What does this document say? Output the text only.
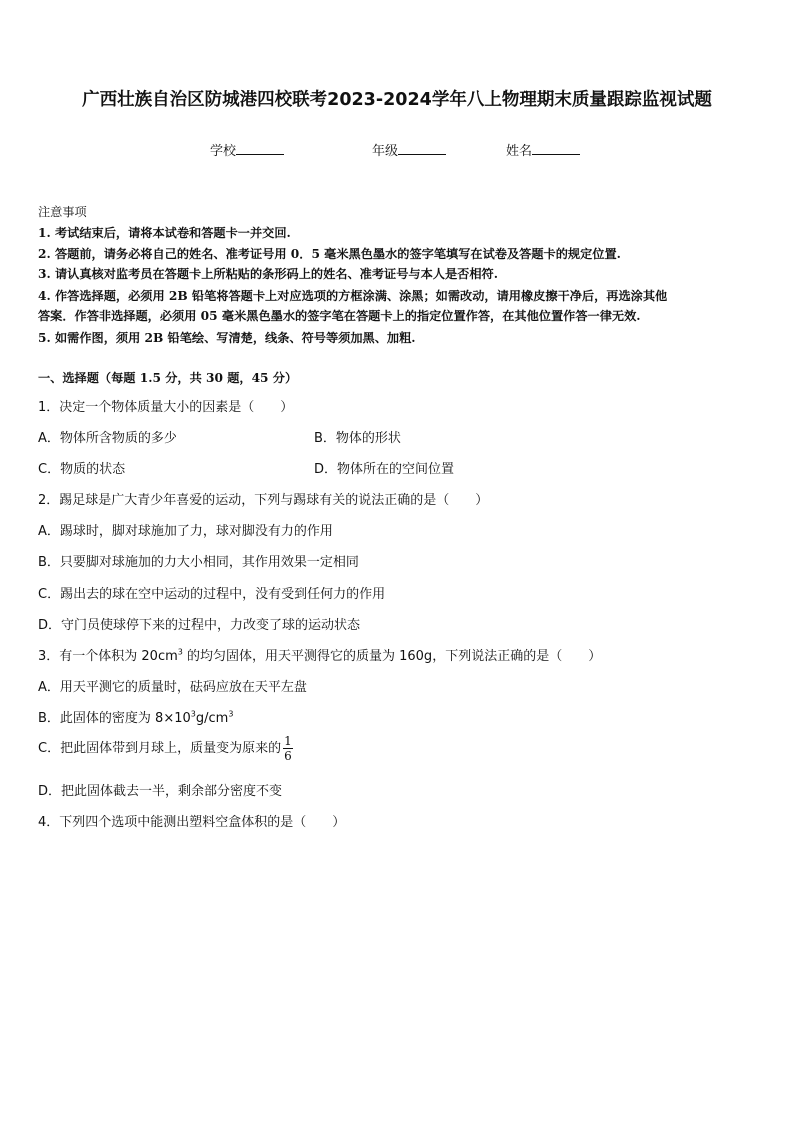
广西壮族自治区防城港四校联考2023-2024学年八上物理期末质量跟踪监视试题
学校	年级	姓名
注意事项
1. 考试结束后，请将本试卷和答题卡一并交回.
2. 答题前，请务必将自己的姓名、准考证号用 0．5 毫米黑色墨水的签字笔填写在试卷及答题卡的规定位置.
3. 请认真核对监考员在答题卡上所粘贴的条形码上的姓名、准考证号与本人是否相符.
4. 作答选择题，必须用 2B 铅笔将答题卡上对应选项的方框涂满、涂黑；如需改动，请用橡皮擦干净后，再选涂其他
答案．作答非选择题，必须用 05 毫米黑色墨水的签字笔在答题卡上的指定位置作答，在其他位置作答一律无效.
5. 如需作图，须用 2B 铅笔绘、写清楚，线条、符号等须加黑、加粗.
一、选择题（每题 1.5 分，共 30 题，45 分）
1．决定一个物体质量大小的因素是（　　）
A．物体所含物质的多少	B．物体的形状
C．物质的状态	D．物体所在的空间位置
2．踢足球是广大青少年喜爱的运动，下列与踢球有关的说法正确的是（　　）
A．踢球时，脚对球施加了力，球对脚没有力的作用
B．只要脚对球施加的力大小相同，其作用效果一定相同
C．踢出去的球在空中运动的过程中，没有受到任何力的作用
D．守门员使球停下来的过程中，力改变了球的运动状态
3．有一个体积为 $20cm^3$ 的均匀固体，用天平测得它的质量为 160g，下列说法正确的是（　　）
A．用天平测它的质量时，砝码应放在天平左盘
B．此固体的密度为 $8\times 10^3g/cm^3$
C．把此固体带到月球上，质量变为原来的 $\frac{1}{6}$
D．把此固体截去一半，剩余部分密度不变
4．下列四个选项中能测出塑料空盒体积的是（　　）
